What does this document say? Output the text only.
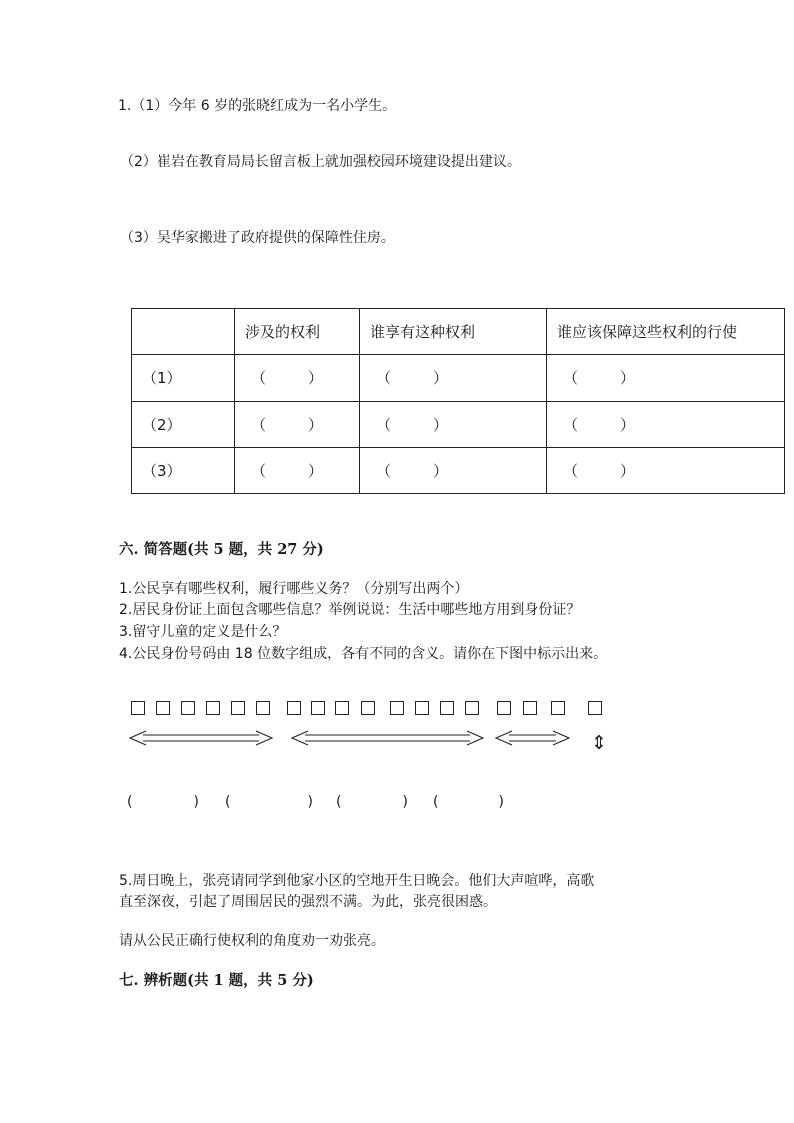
1.（1）今年 6 岁的张晓红成为一名小学生。
（2）崔岩在教育局局长留言板上就加强校园环境建设提出建议。
（3）吴华家搬进了政府提供的保障性住房。
	涉及的权利	谁享有这种权利	谁应该保障这些权利的行使
（1）	（ ）	（ ）	（ ）

（2）	（ ）	（ ）	（ ）

（3）	（ ）	（ ）	（ ）
六. 简答题(共 5 题，共 27 分)
1.公民享有哪些权利，履行哪些义务？（分别写出两个）
2.居民身份证上面包含哪些信息？举例说说：生活中哪些地方用到身份证？
3.留守儿童的定义是什么？
4.公民身份号码由 18 位数字组成，各有不同的含义。请你在下图中标示出来。
⇕
(	) (	) (	) (	)
5.周日晚上，张亮请同学到他家小区的空地开生日晚会。他们大声喧哗，高歌
直至深夜，引起了周围居民的强烈不满。为此，张亮很困惑。
请从公民正确行使权利的角度劝一劝张亮。
七. 辨析题(共 1 题，共 5 分)
